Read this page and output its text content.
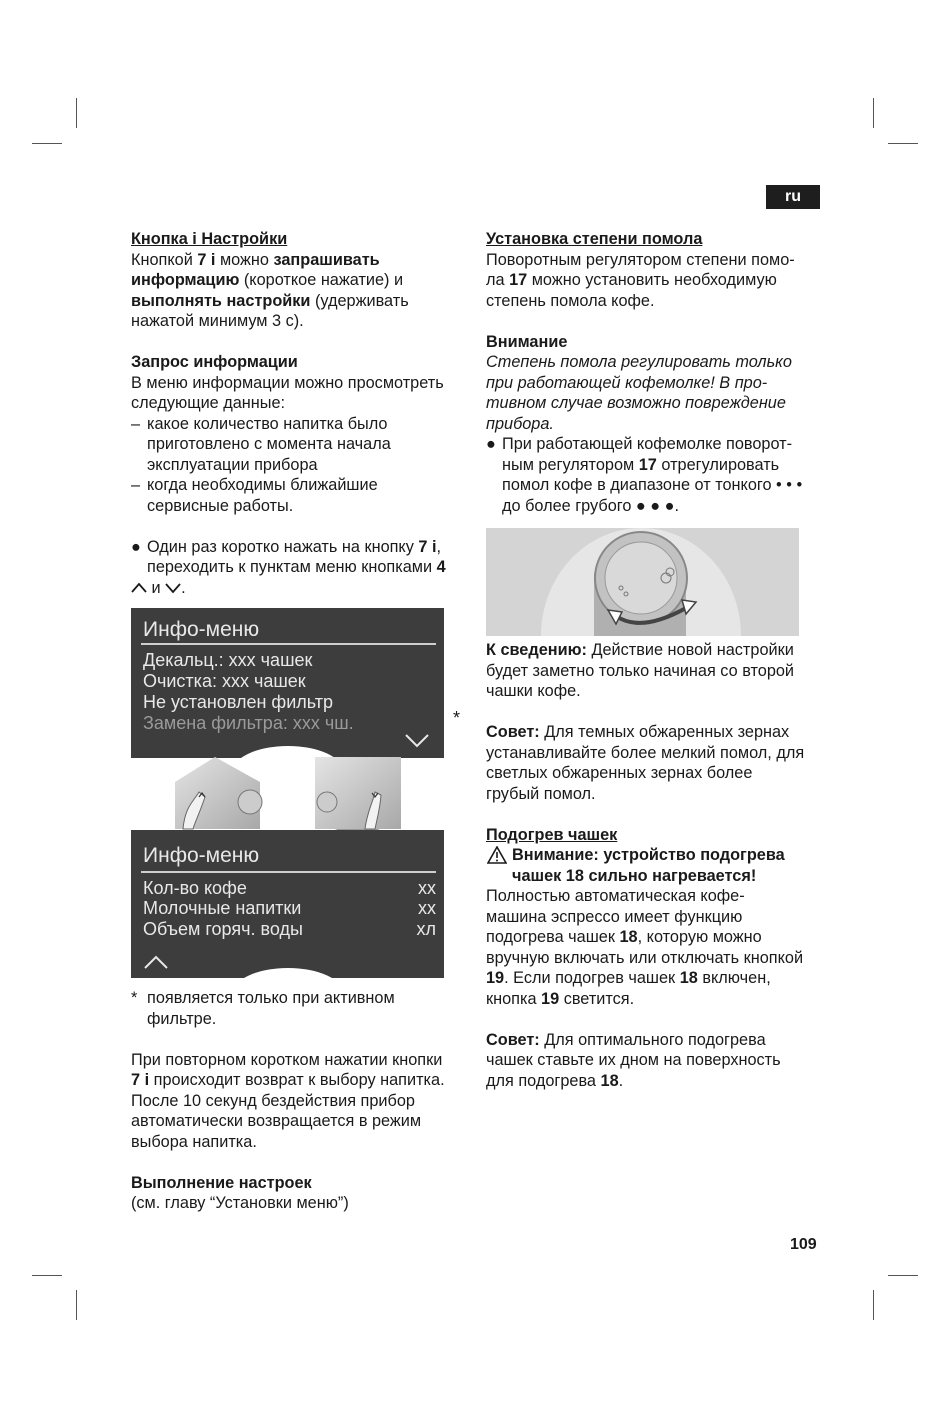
ru

Кнопка i Настройки

Кнопкой 7 i можно запрашивать

информацию (короткое нажатие) и

выполнять настройки (удерживать

нажатой минимум 3 с).

Запрос информации

В меню информации можно просмотреть

следующие данные:

– какое количество напитка было

приготовлено с момента начала

эксплуатации прибора

– когда необходимы ближайшие

сервисные работы.

● Один раз коротко нажать на кнопку 7 i,

переходить к пунктам меню кнопками 4

и .

Инфо-меню
Декальц.: xxx чашек
Очистка: xxx чашек
Не установлен фильтр
Замена фильтра: xxx чш.	*
Инфо-меню
Кол-во кофе	xx
Молочные напитки	xx
Объем горяч. воды	хл
* появляется только при активном

фильтре.

При повторном коротком нажатии кнопки

7 i происходит возврат к выбору напитка.

После 10 секунд бездействия прибор

автоматически возвращается в режим

выбора напитка.

Выполнение настроек

(см. главу “Установки меню”)

Установка степени помола

Поворотным регулятором степени помо-

ла 17 можно установить необходимую

степень помола кофе.

Внимание

Степень помола регулировать только

при работающей кофемолке! В про-

тивном случае возможно повреждение

прибора.

● При работающей кофемолке поворот-

ным регулятором 17 отрегулировать

помол кофе в диапазоне от тонкого • • •

до более грубого ● ● ●.

К сведению: Действие новой настройки

будет заметно только начиная со второй

чашки кофе.

Совет: Для темных обжаренных зернах

устанавливайте более мелкий помол, для

светлых обжаренных зернах более

грубый помол.

Подогрев чашек

Внимание: устройство подогрева

чашек 18 сильно нагревается!

Полностью автоматическая кофе-

машина эспрессо имеет функцию

подогрева чашек 18, которую можно

вручную включать или отключать кнопкой

19. Если подогрев чашек 18 включен,

кнопка 19 светится.

Совет: Для оптимального подогрева

чашек ставьте их дном на поверхность

для подогрева 18.

109
